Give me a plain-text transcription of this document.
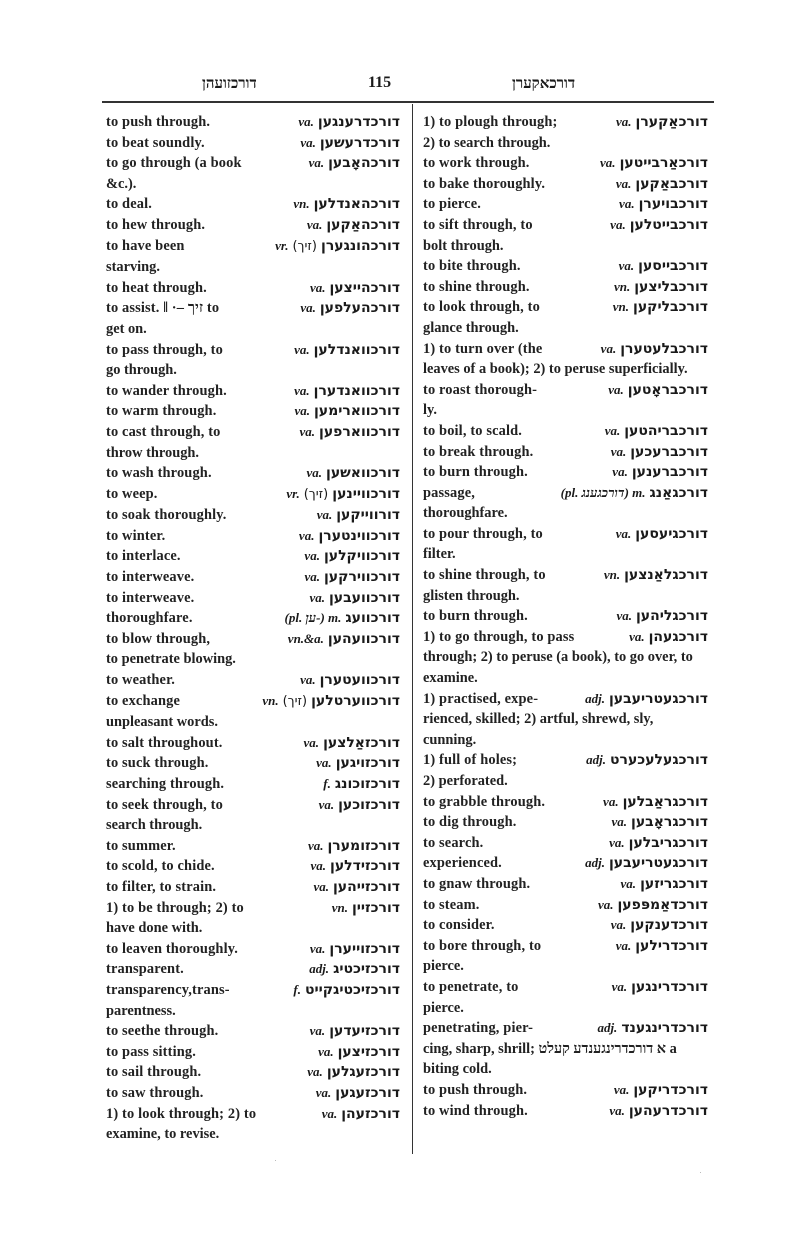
דורכזועהן	115	דורכאקערן
to push through.	va. דורכדרענגען
to beat soundly.	va. דורכדרעשען
to go through (a book	va. דורכהאָבען
&c.).
to deal.	vn. דורכהאנדלען
to hew through.	va. דורכהאַקען
to have been	vr. (זיך) דורכהונגערן
starving.
to heat through.	va. דורכהייצען
to assist. ‖ ·– זיך to	va. דורכהעלפען
get on.
to pass through, to	va. דורכוואנדלען
go through.
to wander through.	va. דורכוואנדערן
to warm through.	va. דורכווארימען
to cast through, to	va. דורכווארפען
throw through.
to wash through.	va. דורכוואשען
to weep.	vr. (זיך) דורכוויינען
to soak thoroughly.	va. דורווייקען
to winter.	va. דורכווינטערן
to interlace.	va. דורכוויקלען
to interweave.	va. דורכווירקען
to interweave.	va. דורכוועבען
thoroughfare.	(pl. ען-) m. דורכוועג
to blow through,	vn.&a. דורכוועהען
to penetrate blowing.
to weather.	va. דורכוועטערן
to exchange	vn. (זיך) דורכווערטלען
unpleasant words.
to salt throughout.	va. דורכזאַלצען
to suck through.	va. דורכזויגען
searching through.	f. דורכזוכונג
to seek through, to	va. דורכזוכען
search through.
to summer.	va. דורכזומערן
to scold, to chide.	va. דורכזידלען
to filter, to strain.	va. דורכזייהען
1) to be through; 2) to	vn. דורכזיין
have done with.
to leaven thoroughly.	va. דורכזוייערן
transparent.	adj. דורכזיכטיג
transparency,trans-	f. דורכזיכטיגקייט
parentness.
to seethe through.	va. דורכזיעדען
to pass sitting.	va. דורכזיצען
to sail through.	va. דורכזעגלען
to saw through.	va. דורכזעגען
1) to look through; 2) to	va. דורכזעהן
examine, to revise.
1) to plough through;	va. דורכאַקערן
2) to search through.
to work through.	va. דורכאַרבייטען
to bake thoroughly.	va. דורכבאַקען
to pierce.	va. דורכבויערן
to sift through, to	va. דורכבייטלען
bolt through.
to bite through.	va. דורכבייסען
to shine through.	vn. דורכבליצען
to look through, to	vn. דורכבליקען
glance through.
1) to turn over (the	va. דורכבלעטערן
leaves of a book); 2) to peruse superficially.
to roast thorough-	va. דורכבראָטען
ly.
to boil, to scald.	va. דורכבריהטען
to break through.	va. דורכברעכען
to burn through.	va. דורכברענען
passage,	(pl. דורכגענג) m. דורכגאַנג
thoroughfare.
to pour through, to	va. דורכגיעסען
filter.
to shine through, to	vn. דורכגלאַנצען
glisten through.
to burn through.	va. דורכגליהען
1) to go through, to pass	va. דורכגעהן
through; 2) to peruse (a book), to go over, to examine.
1) practised, expe-	adj. דורכגעטריעבען
rienced, skilled; 2) artful, shrewd, sly, cunning.
1) full of holes;	adj. דורכגעלעכערט
2) perforated.
to grabble through.	va. דורכגראַבלען
to dig through.	va. דורכגראָבען
to search.	va. דורכגריבלען
experienced.	adj. דורכגעטריעבען
to gnaw through.	va. דורכגריזען
to steam.	va. דורכדאַמפּפען
to consider.	va. דורכדענקען
to bore through, to	va. דורכדרילען
pierce.
to penetrate, to	va. דורכדרינגען
pierce.
penetrating, pier-	adj. דורכדרינגענד
cing, sharp, shrill; א דורכדרינגענדע קעלט a biting cold.
to push through.	va. דורכדריקען
to wind through.	va. דורכדרעהען
